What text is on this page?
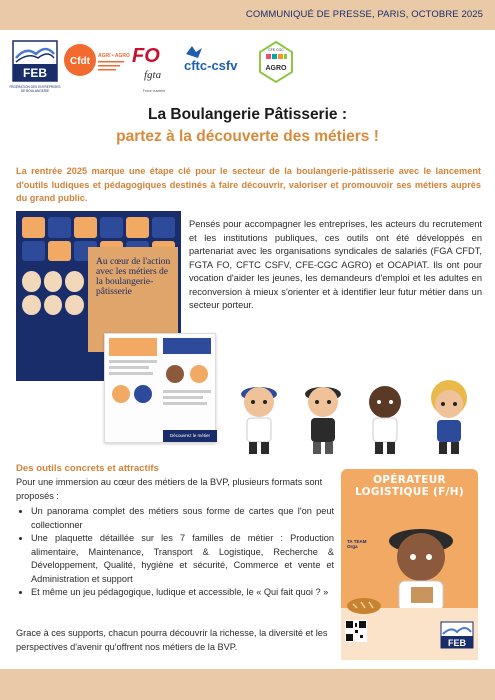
COMMUNIQUÉ DE PRESSE, PARIS, OCTOBRE 2025
FEB
FÉDÉRATION DES ENTREPRISES
DE BOULANGERIE
Cfdt AGRI • AGRO FO
fgta
Force ouvrière
cftc-csfv	AGRO
CFE CGC
La Boulangerie Pâtisserie :
partez à la découverte des métiers !

La rentrée 2025 marque une étape clé pour le secteur de la boulangerie-pâtisserie avec le lancement d'outils ludiques et pédagogiques destinés à faire découvrir, valoriser et promouvoir ses métiers auprès du grand public.

Au cœur de l'action avec les métiers de la boulangerie-pâtisserie
Découvrez le métier

Pensés pour accompagner les entreprises, les acteurs du recrutement et les institutions publiques, ces outils ont été développés en partenariat avec les organisations syndicales de salariés (FGA CFDT, FGTA FO, CFTC CSFV, CFE-CGC AGRO) et OCAPIAT. Ils ont pour vocation d'aider les jeunes, les demandeurs d'emploi et les adultes en reconversion à mieux s'orienter et à identifier leur futur métier dans un secteur porteur.

Des outils concrets et attractifs

Pour une immersion au cœur des métiers de la BVP, plusieurs formats sont proposés :

• Un panorama complet des métiers sous forme de cartes que l'on peut collectionner
• Une plaquette détaillée sur les 7 familles de métier : Production alimentaire, Maintenance, Transport & Logistique, Recherche & Développement, Qualité, hygiène et sécurité, Commerce et vente et Administration et support
• Et même un jeu pédagogique, ludique et accessible, le « Qui fait quoi ? »

Grace à ces supports, chacun pourra découvrir la richesse, la diversité et les perspectives d'avenir qu'offrent nos métiers de la BVP.

OPÉRATEUR LOGISTIQUE (F/H)
TA TEAM
Orga
FEB
